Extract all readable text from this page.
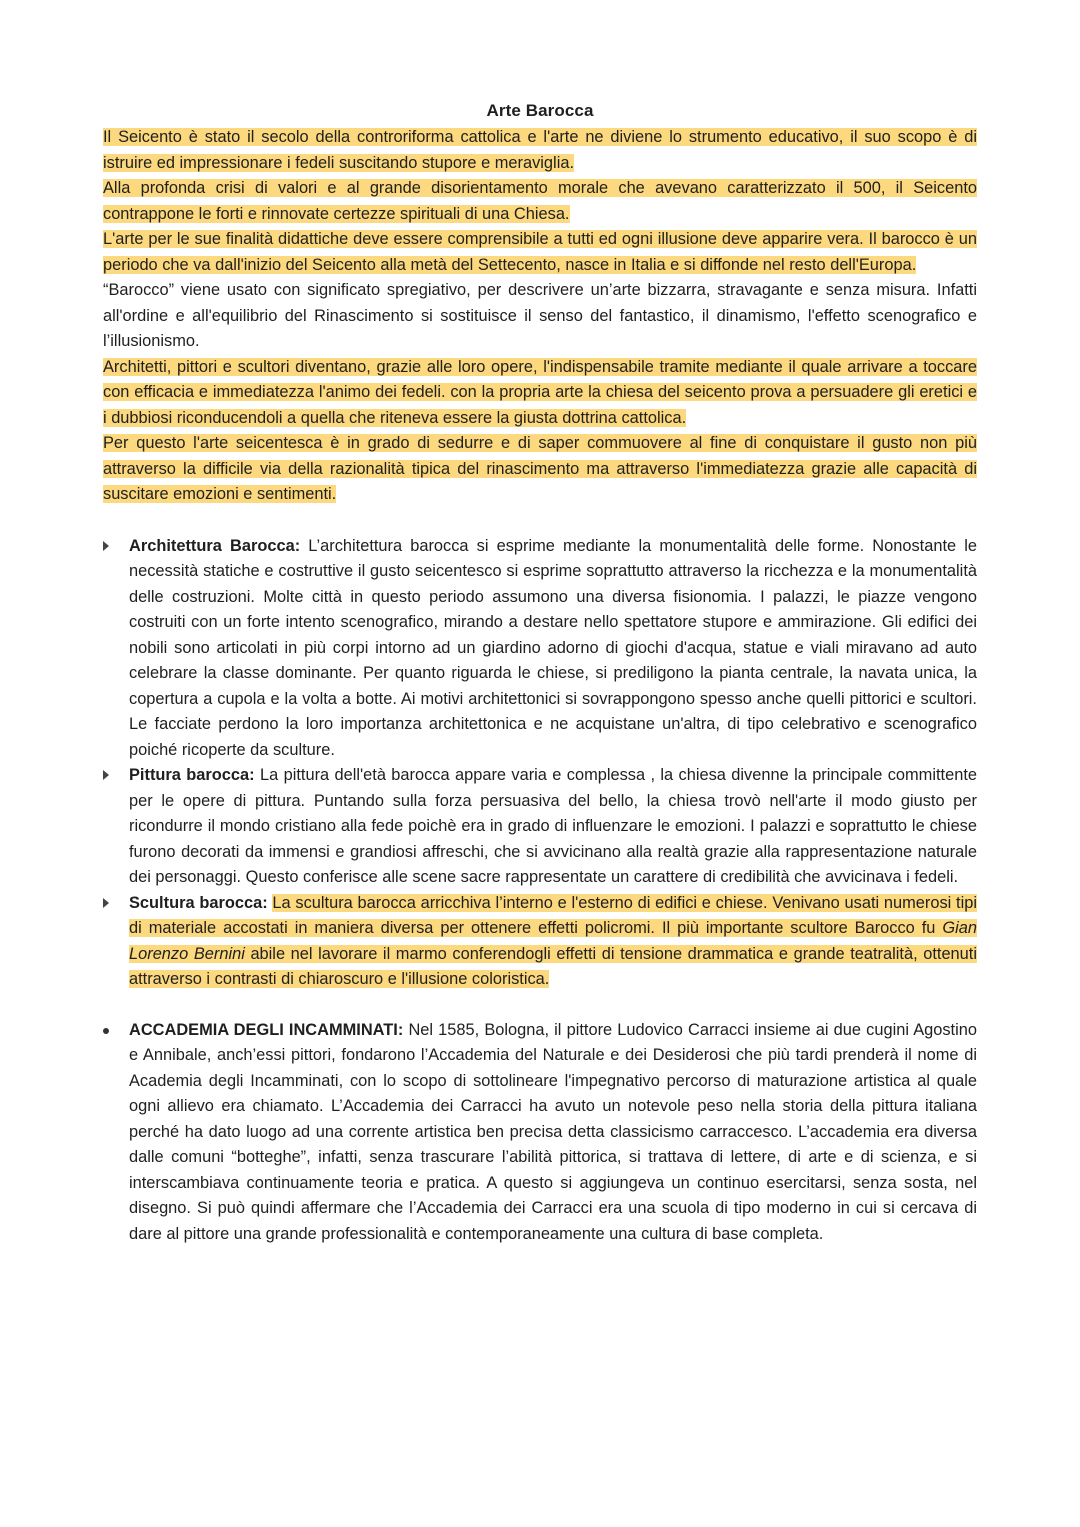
Arte Barocca

Il Seicento è stato il secolo della controriforma cattolica e l'arte ne diviene lo strumento educativo, il suo scopo è di istruire ed impressionare i fedeli suscitando stupore e meraviglia.

Alla profonda crisi di valori e al grande disorientamento morale che avevano caratterizzato il 500, il Seicento contrappone le forti e rinnovate certezze spirituali di una Chiesa.

L'arte per le sue finalità didattiche deve essere comprensibile a tutti ed ogni illusione deve apparire vera. Il barocco è un periodo che va dall'inizio del Seicento alla metà del Settecento, nasce in Italia e si diffonde nel resto dell'Europa.

“Barocco” viene usato con significato spregiativo, per descrivere un’arte bizzarra, stravagante e senza misura. Infatti all'ordine e all'equilibrio del Rinascimento si sostituisce il senso del fantastico, il dinamismo, l'effetto scenografico e l’illusionismo.

Architetti, pittori e scultori diventano, grazie alle loro opere, l'indispensabile tramite mediante il quale arrivare a toccare con efficacia e immediatezza l'animo dei fedeli. con la propria arte la chiesa del seicento prova a persuadere gli eretici e i dubbiosi riconducendoli a quella che riteneva essere la giusta dottrina cattolica.

Per questo l'arte seicentesca è in grado di sedurre e di saper commuovere al fine di conquistare il gusto non più attraverso la difficile via della razionalità tipica del rinascimento ma attraverso l'immediatezza grazie alle capacità di suscitare emozioni e sentimenti.

Architettura Barocca: L’architettura barocca si esprime mediante la monumentalità delle forme. Nonostante le necessità statiche e costruttive il gusto seicentesco si esprime soprattutto attraverso la ricchezza e la monumentalità delle costruzioni. Molte città in questo periodo assumono una diversa fisionomia. I palazzi, le piazze vengono costruiti con un forte intento scenografico, mirando a destare nello spettatore stupore e ammirazione. Gli edifici dei nobili sono articolati in più corpi intorno ad un giardino adorno di giochi d'acqua, statue e viali miravano ad auto celebrare la classe dominante. Per quanto riguarda le chiese, si prediligono la pianta centrale, la navata unica, la copertura a cupola e la volta a botte. Ai motivi architettonici si sovrappongono spesso anche quelli pittorici e scultori. Le facciate perdono la loro importanza architettonica e ne acquistane un'altra, di tipo celebrativo e scenografico poiché ricoperte da sculture.

Pittura barocca: La pittura dell'età barocca appare varia e complessa , la chiesa divenne la principale committente per le opere di pittura. Puntando sulla forza persuasiva del bello, la chiesa trovò nell'arte il modo giusto per ricondurre il mondo cristiano alla fede poichè era in grado di influenzare le emozioni. I palazzi e soprattutto le chiese furono decorati da immensi e grandiosi affreschi, che si avvicinano alla realtà grazie alla rappresentazione naturale dei personaggi. Questo conferisce alle scene sacre rappresentate un carattere di credibilità che avvicinava i fedeli.

Scultura barocca: La scultura barocca arricchiva l’interno e l'esterno di edifici e chiese. Venivano usati numerosi tipi di materiale accostati in maniera diversa per ottenere effetti policromi. Il più importante scultore Barocco fu Gian Lorenzo Bernini abile nel lavorare il marmo conferendogli effetti di tensione drammatica e grande teatralità, ottenuti attraverso i contrasti di chiaroscuro e l'illusione coloristica.

ACCADEMIA DEGLI INCAMMINATI: Nel 1585, Bologna, il pittore Ludovico Carracci insieme ai due cugini Agostino e Annibale, anch’essi pittori, fondarono l’Accademia del Naturale e dei Desiderosi che più tardi prenderà il nome di Academia degli Incamminati, con lo scopo di sottolineare l'impegnativo percorso di maturazione artistica al quale ogni allievo era chiamato. L’Accademia dei Carracci ha avuto un notevole peso nella storia della pittura italiana perché ha dato luogo ad una corrente artistica ben precisa detta classicismo carraccesco. L’accademia era diversa dalle comuni “botteghe”, infatti, senza trascurare l’abilità pittorica, si trattava di lettere, di arte e di scienza, e si interscambiava continuamente teoria e pratica. A questo si aggiungeva un continuo esercitarsi, senza sosta, nel disegno. Si può quindi affermare che l’Accademia dei Carracci era una scuola di tipo moderno in cui si cercava di dare al pittore una grande professionalità e contemporaneamente una cultura di base completa.
